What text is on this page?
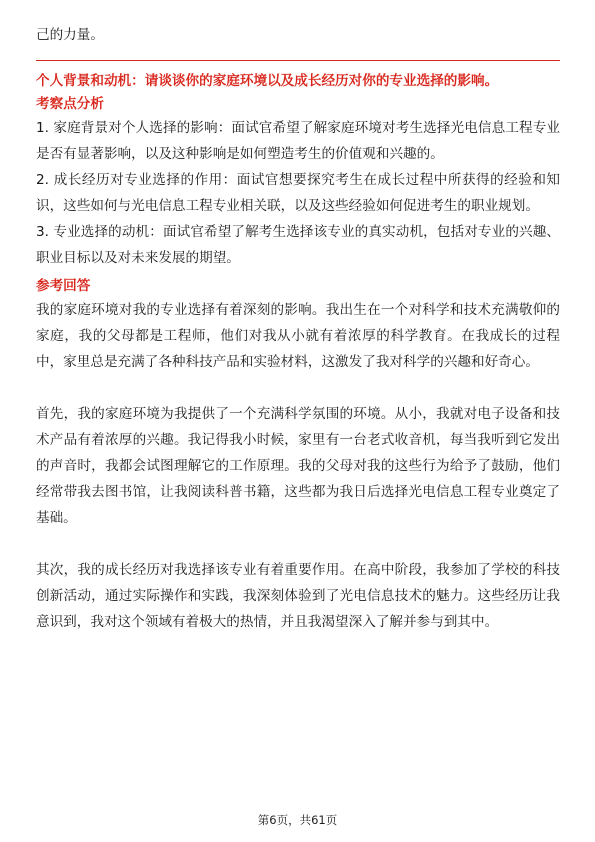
己的力量。

个人背景和动机：请谈谈你的家庭环境以及成长经历对你的专业选择的影响。

考察点分析

1. 家庭背景对个人选择的影响：面试官希望了解家庭环境对考生选择光电信息工程专业是否有显著影响，以及这种影响是如何塑造考生的价值观和兴趣的。

2. 成长经历对专业选择的作用：面试官想要探究考生在成长过程中所获得的经验和知识，这些如何与光电信息工程专业相关联，以及这些经验如何促进考生的职业规划。

3. 专业选择的动机：面试官希望了解考生选择该专业的真实动机，包括对专业的兴趣、职业目标以及对未来发展的期望。

参考回答

我的家庭环境对我的专业选择有着深刻的影响。我出生在一个对科学和技术充满敬仰的家庭，我的父母都是工程师，他们对我从小就有着浓厚的科学教育。在我成长的过程中，家里总是充满了各种科技产品和实验材料，这激发了我对科学的兴趣和好奇心。

首先，我的家庭环境为我提供了一个充满科学氛围的环境。从小，我就对电子设备和技术产品有着浓厚的兴趣。我记得我小时候，家里有一台老式收音机，每当我听到它发出的声音时，我都会试图理解它的工作原理。我的父母对我的这些行为给予了鼓励，他们经常带我去图书馆，让我阅读科普书籍，这些都为我日后选择光电信息工程专业奠定了基础。

其次，我的成长经历对我选择该专业有着重要作用。在高中阶段，我参加了学校的科技创新活动，通过实际操作和实践，我深刻体验到了光电信息技术的魅力。这些经历让我意识到，我对这个领域有着极大的热情，并且我渴望深入了解并参与到其中。

第6页，共61页
